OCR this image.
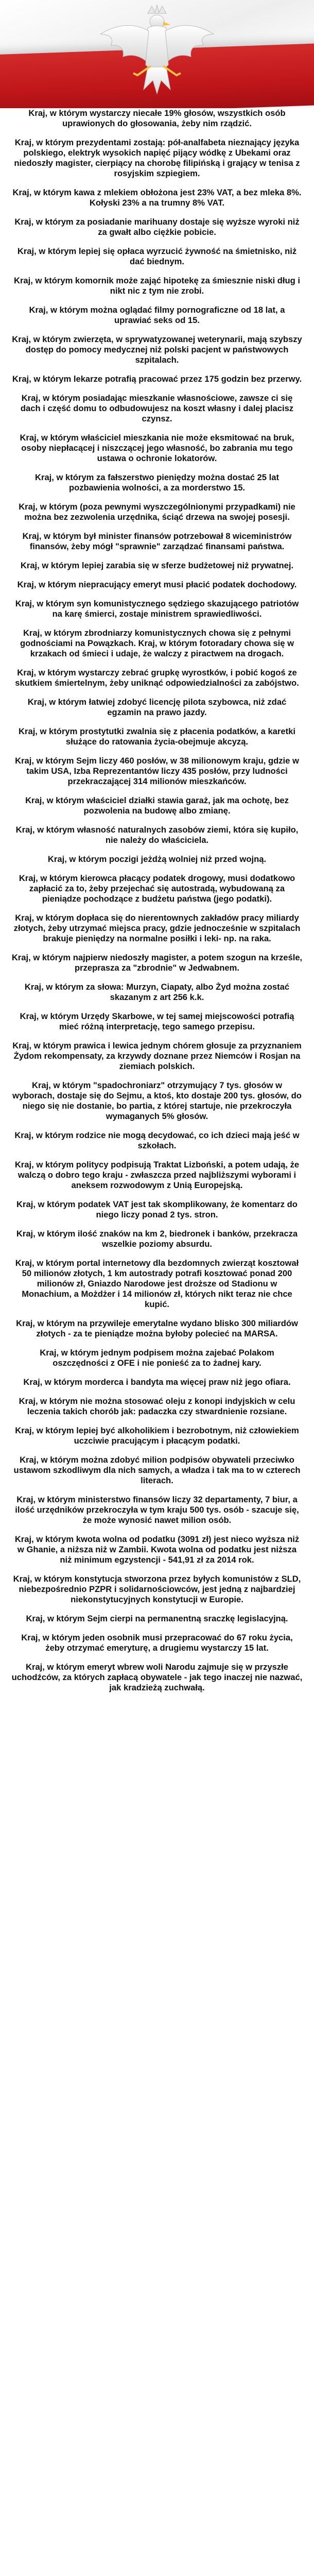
Kraj, w którym wystarczy niecałe 19% głosów, wszystkich osób uprawionych do głosowania, żeby nim rządzić.

Kraj, w którym prezydentami zostają: pół-analfabeta nieznający języka polskiego, elektryk wysokich napięć pijący wódkę z Ubekami oraz niedoszły magister, cierpiący na chorobę filipińską i grający w tenisa z rosyjskim szpiegiem.

Kraj, w którym kawa z mlekiem obłożona jest 23% VAT, a bez mleka 8%. Kołyski 23% a na trumny 8% VAT.

Kraj, w którym za posiadanie marihuany dostaje się wyższe wyroki niż za gwałt albo ciężkie pobicie.

Kraj, w którym lepiej się opłaca wyrzucić żywność na śmietnisko, niż dać biednym.

Kraj, w którym komornik może zająć hipotekę za śmiesznie niski dług i nikt nic z tym nie zrobi.

Kraj, w którym można oglądać filmy pornograficzne od 18 lat, a uprawiać seks od 15.

Kraj, w którym zwierzęta, w sprywatyzowanej weterynarii, mają szybszy dostęp do pomocy medycznej niż polski pacjent w państwowych szpitalach.

Kraj, w którym lekarze potrafią pracować przez 175 godzin bez przerwy.

Kraj, w którym posiadając mieszkanie własnościowe, zawsze ci się dach i część domu to odbudowujesz na koszt własny i dalej placisz czynsz.

Kraj, w którym właściciel mieszkania nie może eksmitować na bruk, osoby niepłacącej i niszczącej jego własność, bo zabrania mu tego ustawa o ochronie lokatorów.

Kraj, w którym za fałszerstwo pieniędzy można dostać 25 lat pozbawienia wolności, a za morderstwo 15.

Kraj, w którym (poza pewnymi wyszczególnionymi przypadkami) nie można bez zezwolenia urzędnika, ściąć drzewa na swojej posesji.

Kraj, w którym był minister finansów potrzebował 8 wiceministrów finansów, żeby mógł "sprawnie" zarządzać finansami państwa.

Kraj, w którym lepiej zarabia się w sferze budżetowej niż prywatnej.

Kraj, w którym niepracujący emeryt musi płacić podatek dochodowy.

Kraj, w którym syn komunistycznego sędziego skazującego patriotów na karę śmierci, zostaje ministrem sprawiedliwości.

Kraj, w którym zbrodniarzy komunistycznych chowa się z pełnymi godnościami na Powązkach. Kraj, w którym fotoradary chowa się w krzakach od śmieci i udaje, że walczy z piractwem na drogach.

Kraj, w którym wystarczy zebrać grupkę wyrostków, i pobić kogoś ze skutkiem śmiertelnym, żeby uniknąć odpowiedzialności za zabójstwo.

Kraj, w którym łatwiej zdobyć licencję pilota szybowca, niż zdać egzamin na prawo jazdy.

Kraj, w którym prostytutki zwalnia się z płacenia podatków, a karetki służące do ratowania życia-obejmuje akcyzą.

Kraj, w którym Sejm liczy 460 posłów, w 38 milionowym kraju, gdzie w takim USA, Izba Reprezentantów liczy 435 posłów, przy ludności przekraczającej 314 milionów mieszkańców.

Kraj, w którym właściciel działki stawia garaż, jak ma ochotę, bez pozwolenia na budowę albo zmianę.

Kraj, w którym własność naturalnych zasobów ziemi, która się kupiło, nie należy do właściciela.

Kraj, w którym poczigi jeżdżą wolniej niż przed wojną.

Kraj, w którym kierowca płacący podatek drogowy, musi dodatkowo zapłacić za to, żeby przejechać się autostradą, wybudowaną za pieniądze pochodzące z budżetu państwa (jego podatki).

Kraj, w którym dopłaca się do nierentownych zakładów pracy miliardy złotych, żeby utrzymać miejsca pracy, gdzie jednocześnie w szpitalach brakuje pieniędzy na normalne posiłki i leki- np. na raka.

Kraj, w którym najpierw niedoszły magister, a potem szogun na krześle, przeprasza za "zbrodnie" w Jedwabnem.

Kraj, w którym za słowa: Murzyn, Ciapaty, albo Żyd można zostać skazanym z art 256 k.k.

Kraj, w którym Urzędy Skarbowe, w tej samej miejscowości potrafią mieć różną interpretację, tego samego przepisu.

Kraj, w którym prawica i lewica jednym chórem głosuje za przyznaniem Żydom rekompensaty, za krzywdy doznane przez Niemców i Rosjan na ziemiach polskich.

Kraj, w którym "spadochroniarz" otrzymujący 7 tys. głosów w wyborach, dostaje się do Sejmu, a ktoś, kto dostaje 200 tys. głosów, do niego się nie dostanie, bo partia, z której startuje, nie przekroczyła wymaganych 5% głosów.

Kraj, w którym rodzice nie mogą decydować, co ich dzieci mają jeść w szkołach.

Kraj, w którym politycy podpisują Traktat Lizboński, a potem udają, że walczą o dobro tego kraju - zwłaszcza przed najbliższymi wyborami i aneksem rozwodowym z Unią Europejską.

Kraj, w którym podatek VAT jest tak skomplikowany, że komentarz do niego liczy ponad 2 tys. stron.

Kraj, w którym ilość znaków na km 2, biedronek i banków, przekracza wszelkie poziomy absurdu.

Kraj, w którym portal internetowy dla bezdomnych zwierząt kosztował 50 milionów złotych, 1 km autostrady potrafi kosztować ponad 200 milionów zł, Gniazdo Narodowe jest droższe od Stadionu w Monachium, a Możdżer i 14 milionów zł, których nikt teraz nie chce kupić.

Kraj, w którym na przywileje emerytalne wydano blisko 300 miliardów złotych - za te pieniądze można byłoby polecieć na MARSA.

Kraj, w którym jednym podpisem można zajebać Polakom oszczędności z OFE i nie ponieść za to żadnej kary.

Kraj, w którym morderca i bandyta ma więcej praw niż jego ofiara.

Kraj, w którym nie można stosować oleju z konopi indyjskich w celu leczenia takich chorób jak: padaczka czy stwardnienie rozsiane.

Kraj, w którym lepiej być alkoholikiem i bezrobotnym, niż człowiekiem uczciwie pracującym i płacącym podatki.

Kraj, w którym można zdobyć milion podpisów obywateli przeciwko ustawom szkodliwym dla nich samych, a władza i tak ma to w czterech literach.

Kraj, w którym ministerstwo finansów liczy 32 departamenty, 7 biur, a ilość urzędników przekroczyła w tym kraju 500 tys. osób - szacuje się, że może wynosić nawet milion osób.

Kraj, w którym kwota wolna od podatku (3091 zł) jest nieco wyższa niż w Ghanie, a niższa niż w Zambii. Kwota wolna od podatku jest niższa niż minimum egzystencji - 541,91 zł za 2014 rok.

Kraj, w którym konstytucja stworzona przez byłych komunistów z SLD, niebezpośrednio PZPR i solidarnościowców, jest jedną z najbardziej niekonstytucyjnych konstytucji w Europie.

Kraj, w którym Sejm cierpi na permanentną sraczkę legislacyjną.

Kraj, w którym jeden osobnik musi przepracować do 67 roku życia, żeby otrzymać emeryturę, a drugiemu wystarczy 15 lat.

Kraj, w którym emeryt wbrew woli Narodu zajmuje się w przyszłe uchodźców, za których zapłacą obywatele - jak tego inaczej nie nazwać, jak kradzieżą zuchwałą.
